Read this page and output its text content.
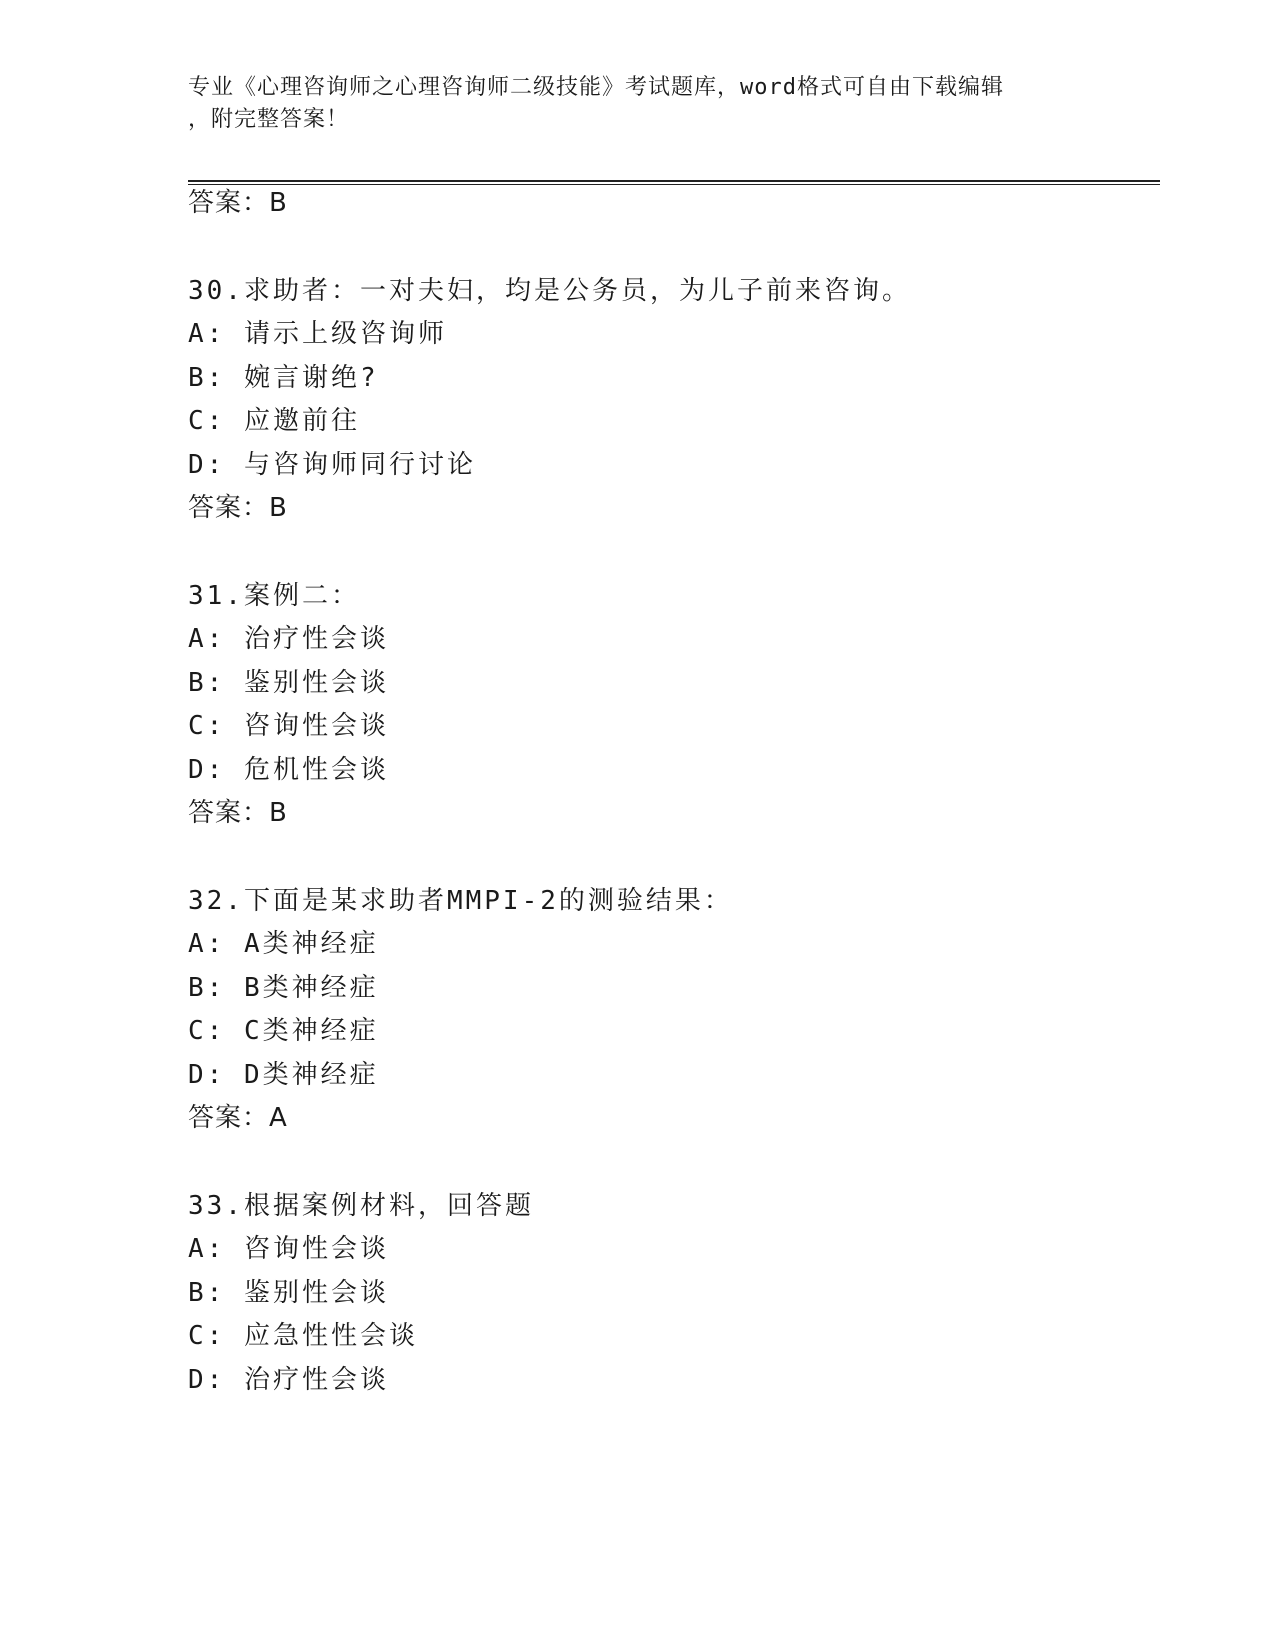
专业《心理咨询师之心理咨询师二级技能》考试题库，word格式可自由下载编辑
，附完整答案！
答案：B
30.求助者：一对夫妇，均是公务员，为儿子前来咨询。
A: 请示上级咨询师
B: 婉言谢绝?
C: 应邀前往
D: 与咨询师同行讨论
答案：B
31.案例二：
A: 治疗性会谈
B: 鉴别性会谈
C: 咨询性会谈
D: 危机性会谈
答案：B
32.下面是某求助者MMPI-2的测验结果：
A: A类神经症
B: B类神经症
C: C类神经症
D: D类神经症
答案：A
33.根据案例材料，回答题
A: 咨询性会谈
B: 鉴别性会谈
C: 应急性性会谈
D: 治疗性会谈
